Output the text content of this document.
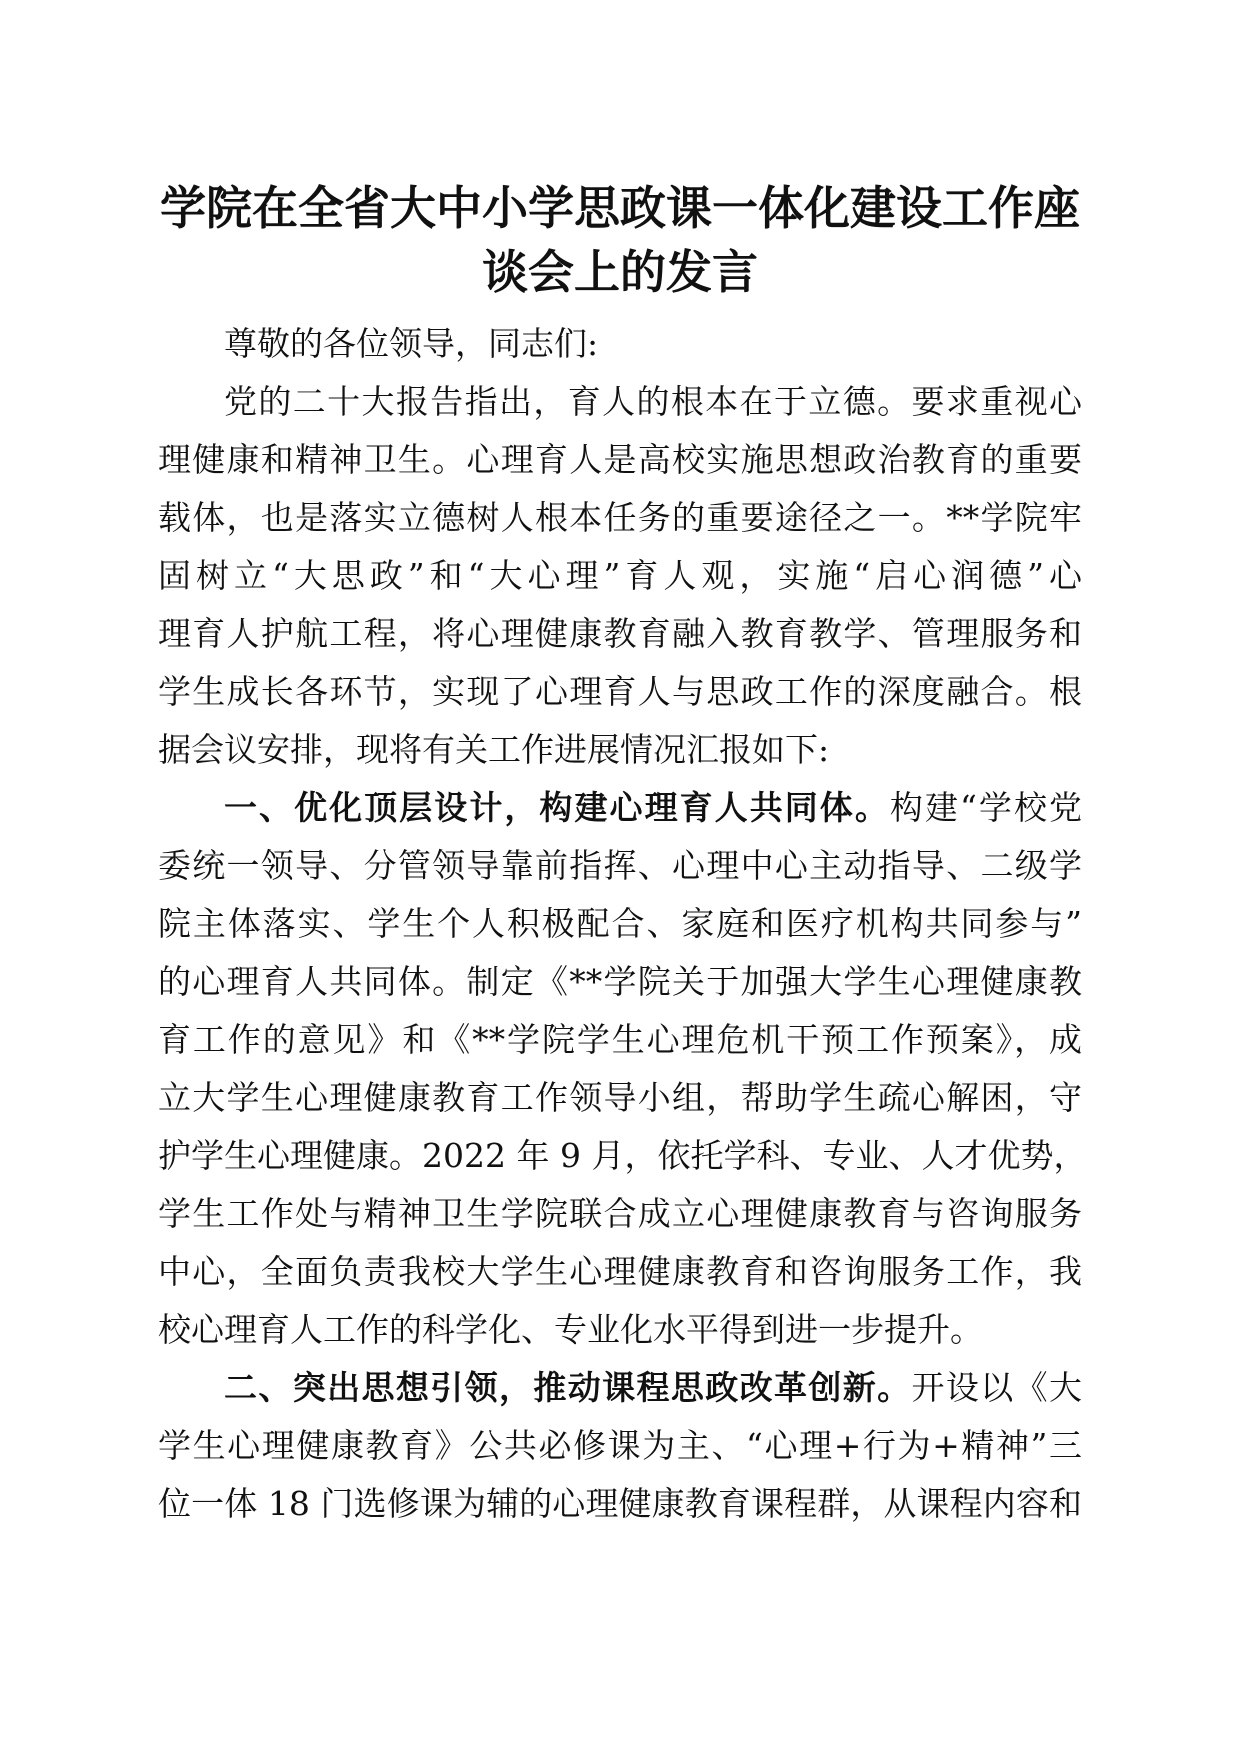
学院在全省大中小学思政课一体化建设工作座
谈会上的发言
尊敬的各位领导，同志们:
党的二十大报告指出，育人的根本在于立德。要求重视心
理健康和精神卫生。心理育人是高校实施思想政治教育的重要
载体，也是落实立德树人根本任务的重要途径之一。**学院牢
固树立“大思政”和“大心理”育人观，实施“启心润德”心
理育人护航工程，将心理健康教育融入教育教学、管理服务和
学生成长各环节，实现了心理育人与思政工作的深度融合。根
据会议安排，现将有关工作进展情况汇报如下:
一、优化顶层设计，构建心理育人共同体。构建“学校党
委统一领导、分管领导靠前指挥、心理中心主动指导、二级学
院主体落实、学生个人积极配合、家庭和医疗机构共同参与”
的心理育人共同体。制定《**学院关于加强大学生心理健康教
育工作的意见》和《**学院学生心理危机干预工作预案》，成
立大学生心理健康教育工作领导小组，帮助学生疏心解困，守
护学生心理健康。2022 年 9 月，依托学科、专业、人才优势，
学生工作处与精神卫生学院联合成立心理健康教育与咨询服务
中心，全面负责我校大学生心理健康教育和咨询服务工作，我
校心理育人工作的科学化、专业化水平得到进一步提升。
二、突出思想引领，推动课程思政改革创新。开设以《大
学生心理健康教育》公共必修课为主、“心理+行为+精神”三
位一体 18 门选修课为辅的心理健康教育课程群，从课程内容和
